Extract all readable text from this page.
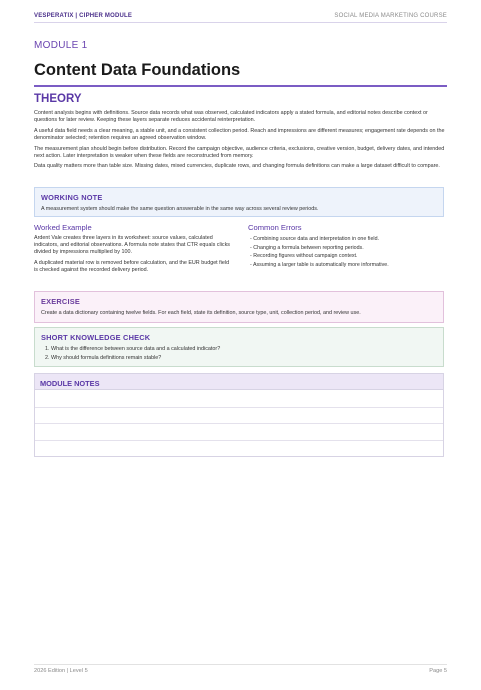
VESPERATIX | CIPHER MODULE	SOCIAL MEDIA MARKETING COURSE
MODULE 1
Content Data Foundations
THEORY

Content analysis begins with definitions. Source data records what was observed, calculated indicators apply a stated formula, and editorial notes describe context or questions for later review. Keeping these layers separate reduces accidental reinterpretation.

A useful data field needs a clear meaning, a stable unit, and a consistent collection period. Reach and impressions are different measures; engagement rate depends on the denominator selected; retention requires an agreed observation window.

The measurement plan should begin before distribution. Record the campaign objective, audience criteria, exclusions, creative version, budget, delivery dates, and intended next action. Later interpretation is weaker when these fields are reconstructed from memory.

Data quality matters more than table size. Missing dates, mixed currencies, duplicate rows, and changing formula definitions can make a large dataset difficult to compare.

WORKING NOTE

A measurement system should make the same question answerable in the same way across several review periods.

Worked Example

Ardent Vale creates three layers in its worksheet: source values, calculated indicators, and editorial observations. A formula note states that CTR equals clicks divided by impressions multiplied by 100.

A duplicated material row is removed before calculation, and the EUR budget field is checked against the recorded delivery period.

Common Errors
- Combining source data and interpretation in one field.
- Changing a formula between reporting periods.
- Recording figures without campaign context.
- Assuming a larger table is automatically more informative.
EXERCISE

Create a data dictionary containing twelve fields. For each field, state its definition, source type, unit, collection period, and review use.

SHORT KNOWLEDGE CHECK
1. What is the difference between source data and a calculated indicator?
2. Why should formula definitions remain stable?
MODULE NOTES
2026 Edition | Level 5	Page 5
